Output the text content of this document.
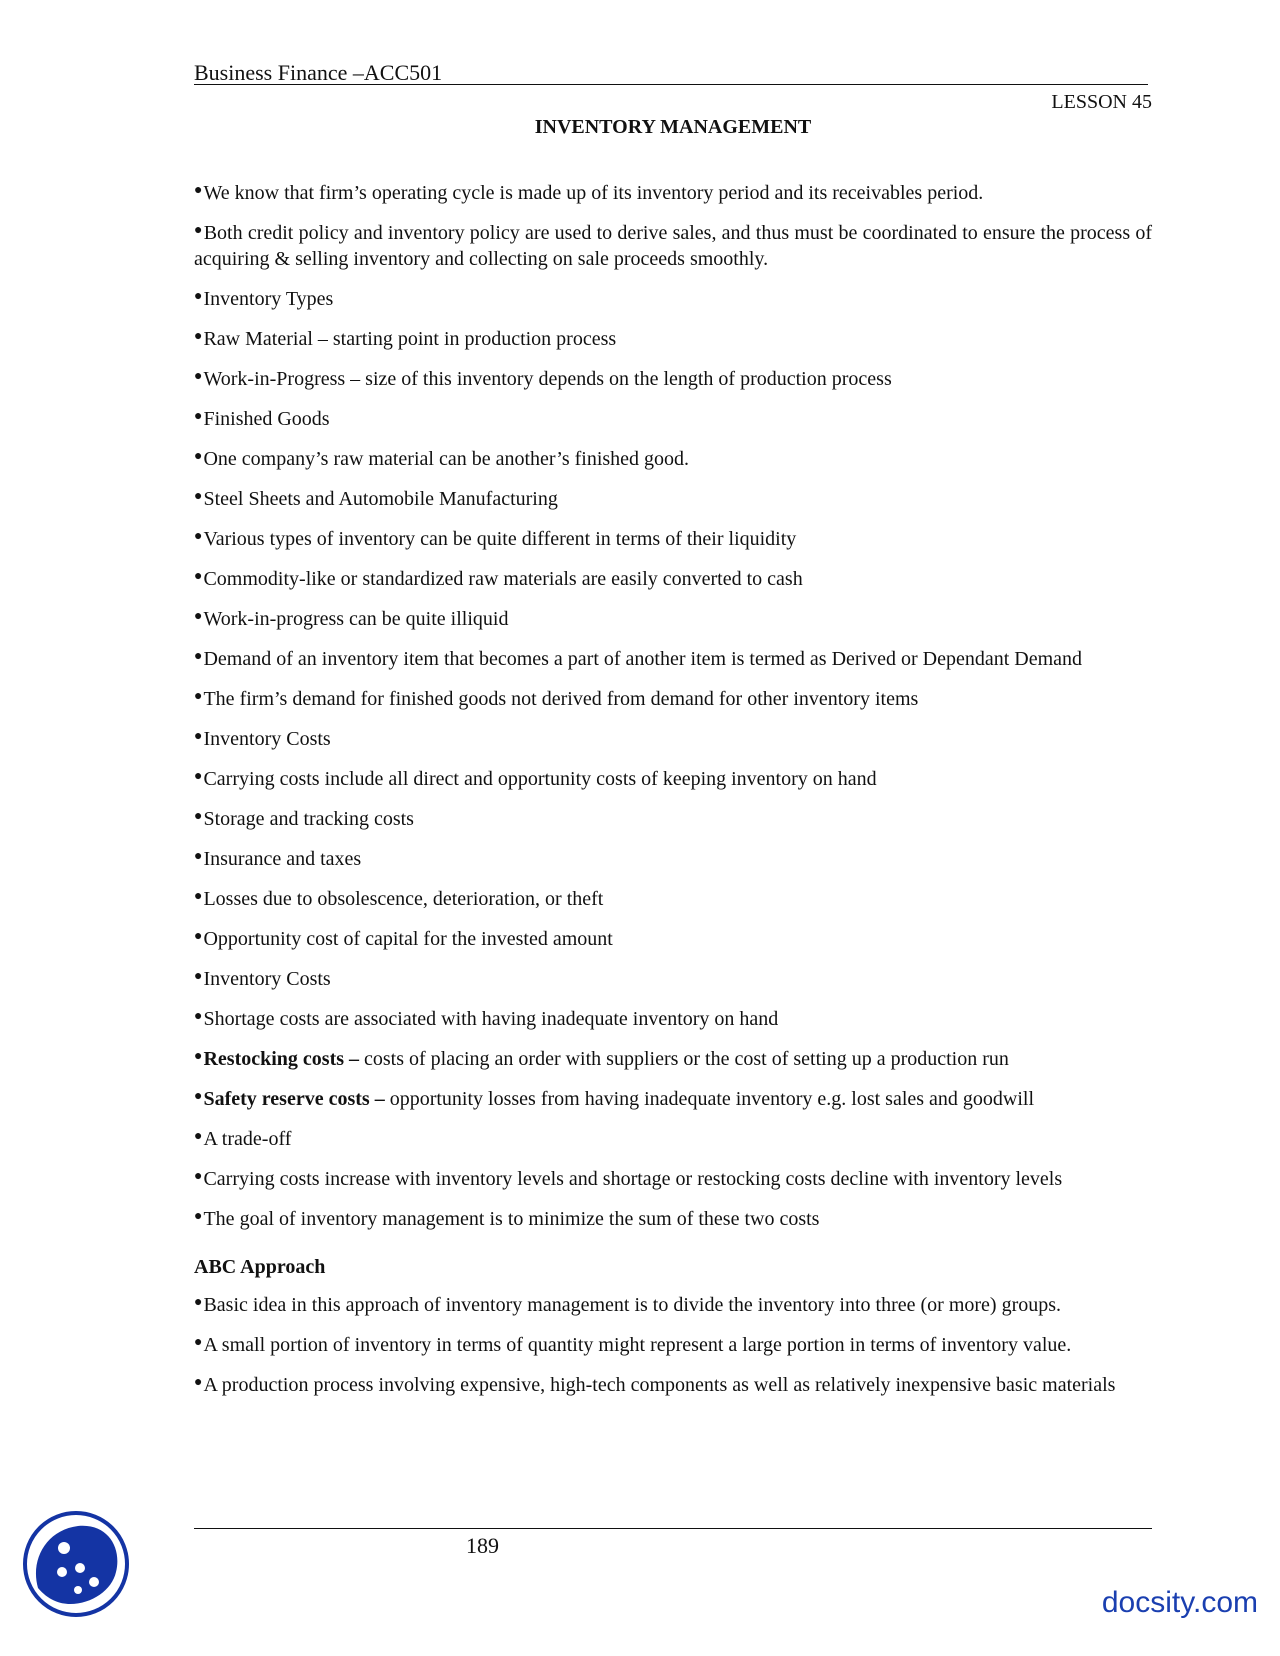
Business Finance –ACC501
LESSON 45
INVENTORY MANAGEMENT

●We know that firm’s operating cycle is made up of its inventory period and its receivables period.

●Both credit policy and inventory policy are used to derive sales, and thus must be coordinated to ensure the process of acquiring & selling inventory and collecting on sale proceeds smoothly.

●Inventory Types

●Raw Material – starting point in production process

●Work-in-Progress – size of this inventory depends on the length of production process

●Finished Goods

●One company’s raw material can be another’s finished good.

●Steel Sheets and Automobile Manufacturing

●Various types of inventory can be quite different in terms of their liquidity

●Commodity-like or standardized raw materials are easily converted to cash

●Work-in-progress can be quite illiquid

●Demand of an inventory item that becomes a part of another item is termed as Derived or Dependant Demand

●The firm’s demand for finished goods not derived from demand for other inventory items

●Inventory Costs

●Carrying costs include all direct and opportunity costs of keeping inventory on hand

●Storage and tracking costs

●Insurance and taxes

●Losses due to obsolescence, deterioration, or theft

●Opportunity cost of capital for the invested amount

●Inventory Costs

●Shortage costs are associated with having inadequate inventory on hand

●Restocking costs – costs of placing an order with suppliers or the cost of setting up a production run

●Safety reserve costs – opportunity losses from having inadequate inventory e.g. lost sales and goodwill

●A trade-off

●Carrying costs increase with inventory levels and shortage or restocking costs decline with inventory levels

●The goal of inventory management is to minimize the sum of these two costs

ABC Approach

●Basic idea in this approach of inventory management is to divide the inventory into three (or more) groups.

●A small portion of inventory in terms of quantity might represent a large portion in terms of inventory value.

●A production process involving expensive, high-tech components as well as relatively inexpensive basic materials

189
docsity.com
